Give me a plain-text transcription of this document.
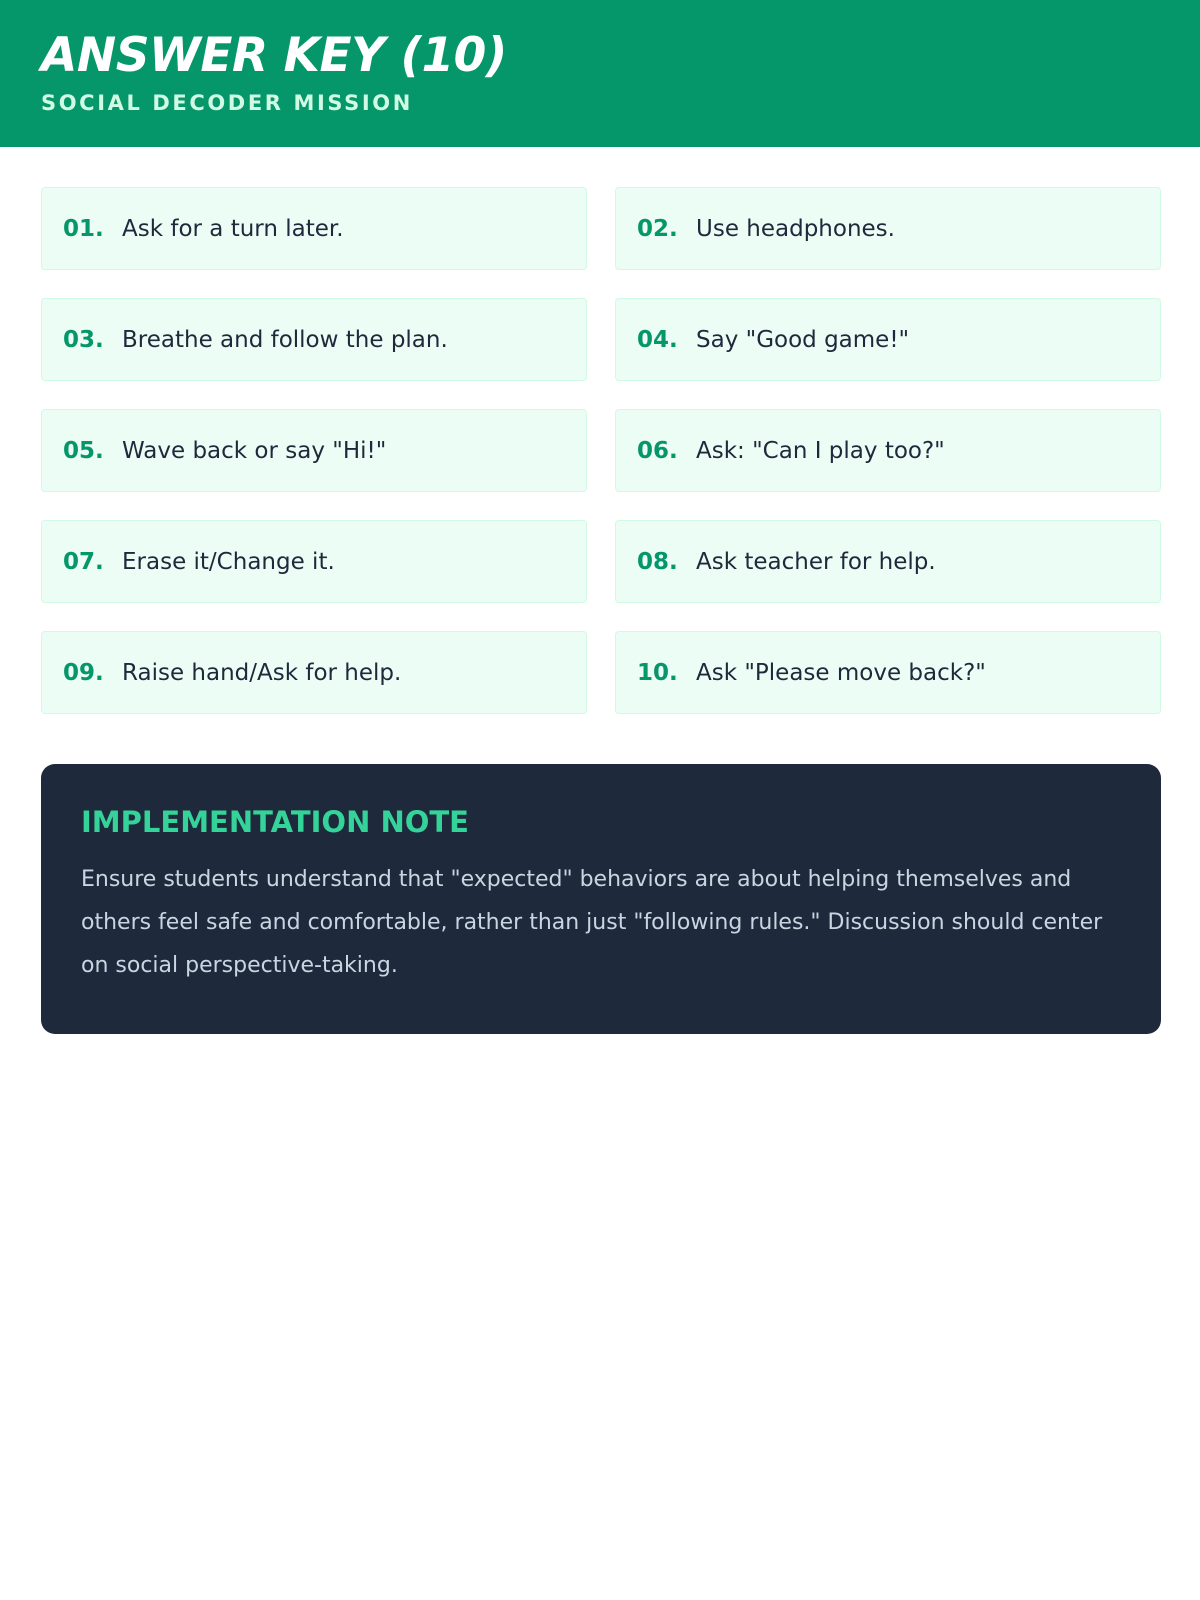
ANSWER KEY (10)
SOCIAL DECODER MISSION
01. Ask for a turn later.	02. Use headphones.
03. Breathe and follow the plan.	04. Say "Good game!"
05. Wave back or say "Hi!"	06. Ask: "Can I play too?"
07. Erase it/Change it.	08. Ask teacher for help.
09. Raise hand/Ask for help.	10. Ask "Please move back?"
IMPLEMENTATION NOTE
Ensure students understand that "expected" behaviors are about helping themselves and others feel safe and comfortable, rather than just "following rules." Discussion should center on social perspective-taking.
